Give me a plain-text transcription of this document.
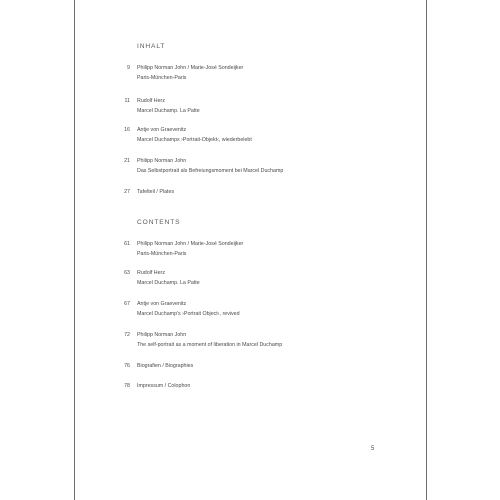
INHALT
9 Philipp Norman John / Marie-José Sondeijker
Paris-München-Paris
11 Rudolf Herz
Marcel Duchamp. La Patte
16 Antje von Graevenitz
Marcel Duchamps ›Portrait-Objekt‹, wiederbelebt
21 Philipp Norman John
Das Selbstportrait als Befreiungsmoment bei Marcel Duchamp
27 Tafelteil / Plates
CONTENTS
61 Philipp Norman John / Marie-José Sondeijker
Paris-München-Paris
63 Rudolf Herz
Marcel Duchamp. La Patte
67 Antje von Graevenitz
Marcel Duchamp's ›Portrait Object‹, revived
72 Philipp Norman John
The self-portrait as a moment of liberation in Marcel Duchamp
76 Biografien / Biographies
78 Impressum / Colophon
5
